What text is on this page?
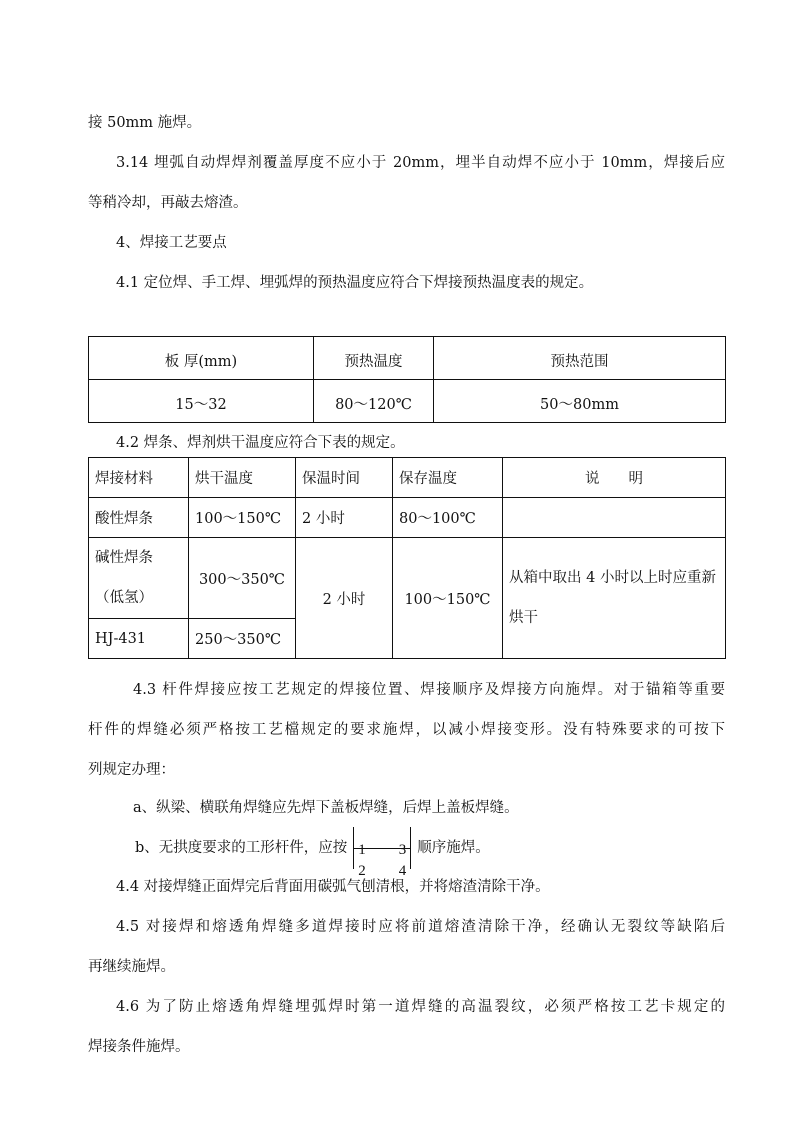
接 50mm 施焊。
3.14 埋弧自动焊焊剂覆盖厚度不应小于 20mm，埋半自动焊不应小于 10mm，焊接后应
等稍冷却，再敲去熔渣。
4、焊接工艺要点
4.1 定位焊、手工焊、埋弧焊的预热温度应符合下焊接预热温度表的规定。
板 厚(mm)	预热温度	预热范围
15～32	80～120℃	50～80mm
4.2 焊条、焊剂烘干温度应符合下表的规定。
焊接材料	烘干温度	保温时间	保存温度	说　　明
酸性焊条	100～150℃	2 小时	80～100℃	

碱性焊条
（低氢）	300～350℃	2 小时	100～150℃	从箱中取出 4 小时以上时应重新烘干
HJ-431	250～350℃			
4.3 杆件焊接应按工艺规定的焊接位置、焊接顺序及焊接方向施焊。对于锚箱等重要
杆件的焊缝必须严格按工艺檔规定的要求施焊，以减小焊接变形。没有特殊要求的可按下
列规定办理：
a、纵梁、横联角焊缝应先焊下盖板焊缝，后焊上盖板焊缝。
b、无拱度要求的工形杆件，应按 1 3
2 4
顺序施焊。
4.4 对接焊缝正面焊完后背面用碳弧气刨清根，并将熔渣清除干净。
4.5 对接焊和熔透角焊缝多道焊接时应将前道熔渣清除干净，经确认无裂纹等缺陷后
再继续施焊。
4.6 为了防止熔透角焊缝埋弧焊时第一道焊缝的高温裂纹，必须严格按工艺卡规定的
焊接条件施焊。
